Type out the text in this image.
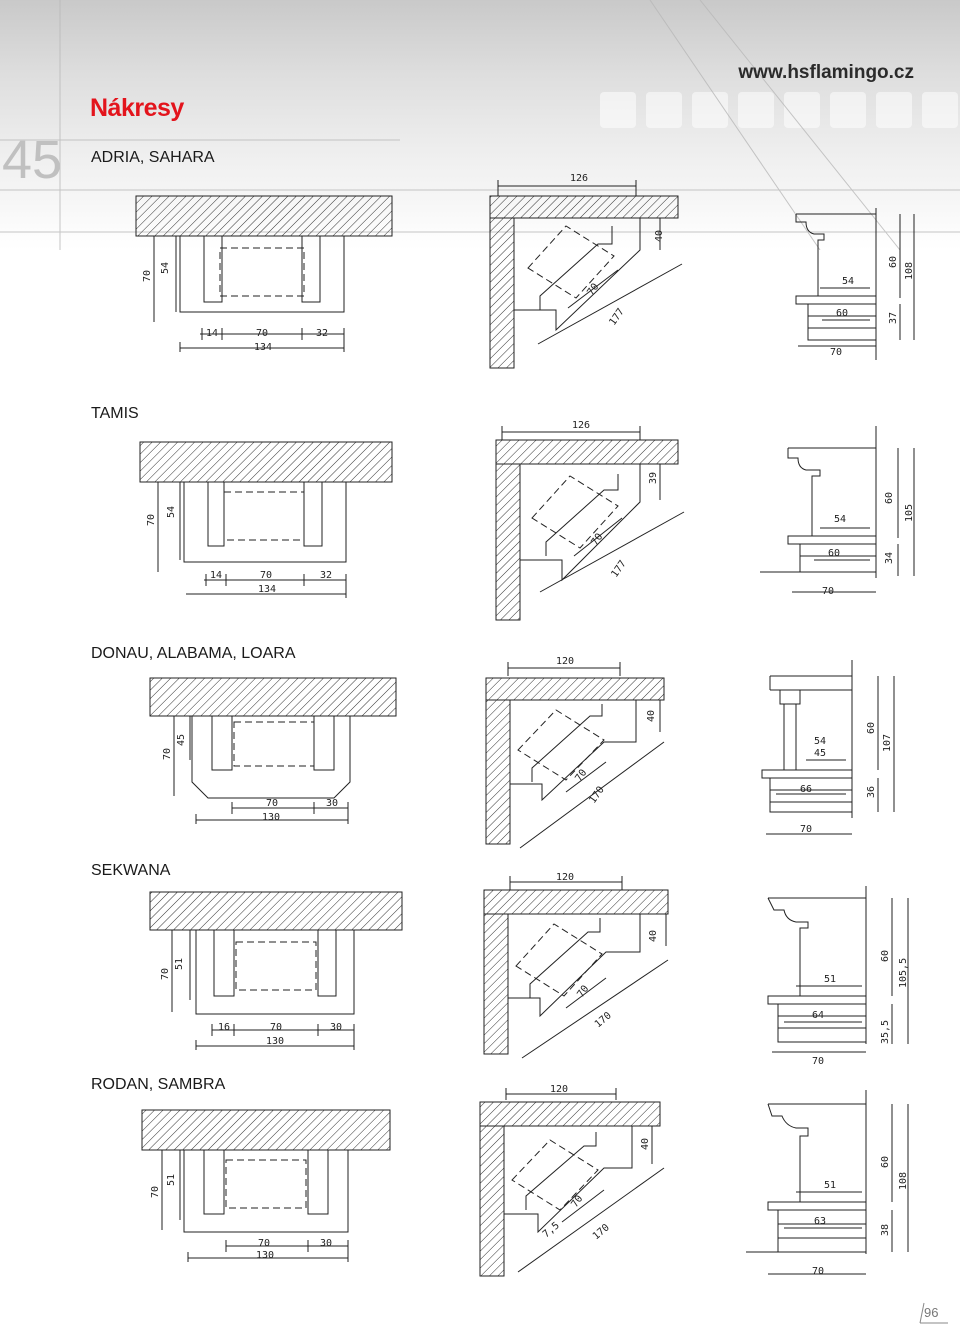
45
www.hsflamingo.cz
Nákresy
ADRIA, SAHARA
TAMIS
DONAU, ALABAMA, LOARA
SEKWANA
RODAN, SAMBRA
70
54
14	70	32
134
126
40
70
177
54
60 108
60	37
70
70
54
14	70	32
134
126
39
70
177
54
60
105
60	34
70
70
45
70	30
130
120
40
70
170
54
45
60
107
66	36
70
70
51
16	70	30
130
120
40
70
170
51
60
105,5
64
35,5
70
70
51
70	30
130
120
40
70
170
7,5
51
60
108
63
38
70
96
